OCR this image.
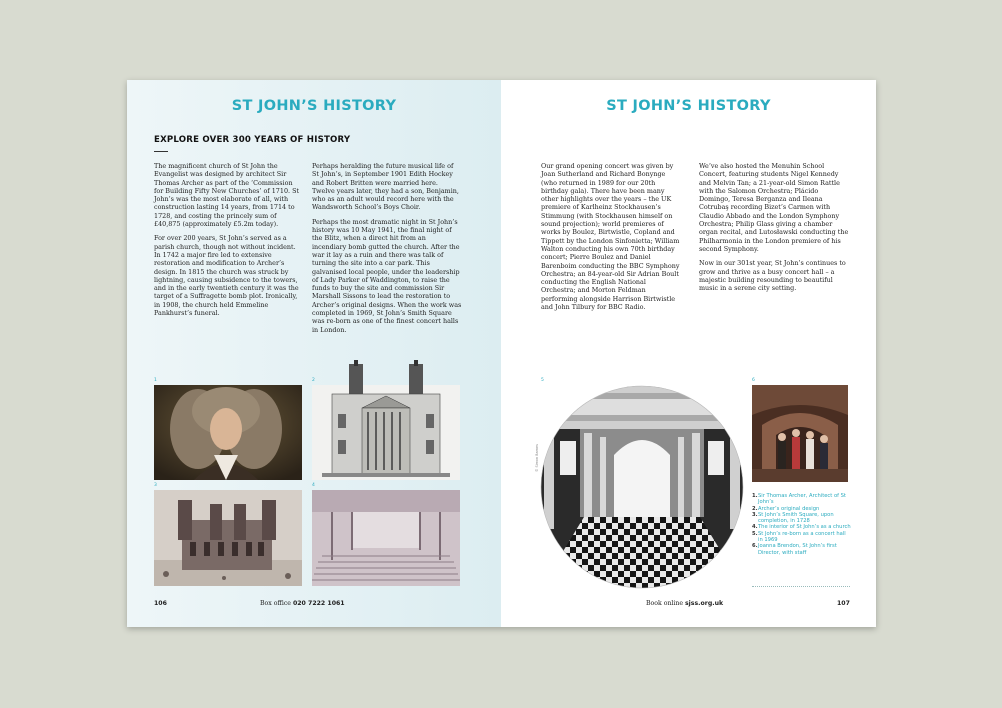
ST JOHN’S HISTORY
EXPLORE OVER 300 YEARS OF HISTORY

The magnificent church of St John the Evangelist was designed by architect Sir Thomas Archer as part of the ‘Commission for Building Fifty New Churches’ of 1710. St John’s was the most elaborate of all, with construction lasting 14 years, from 1714 to 1728, and costing the princely sum of £40,875 (approximately £5.2m today).

For over 200 years, St John’s served as a parish church, though not without incident. In 1742 a major fire led to extensive restoration and modification to Archer’s design. In 1815 the church was struck by lightning, causing subsidence to the towers, and in the early twentieth century it was the target of a Suffragette bomb plot. Ironically, in 1908, the church held Emmeline Pankhurst’s funeral.

Perhaps heralding the future musical life of St John’s, in September 1901 Edith Hockey and Robert Britten were married here. Twelve years later, they had a son, Benjamin, who as an adult would record here with the Wandsworth School’s Boys Choir.

Perhaps the most dramatic night in St John’s history was 10 May 1941, the final night of the Blitz, when a direct hit from an incendiary bomb gutted the church. After the war it lay as a ruin and there was talk of turning the site into a car park. This galvanised local people, under the leadership of Lady Parker of Waddington, to raise the funds to buy the site and commission Sir Marshall Sissons to lead the restoration to Archer’s original designs. When the work was completed in 1969, St John’s Smith Square was re-born as one of the finest concert halls in London.

1	2
3	4
106	Box office 020 7222 1061
ST JOHN’S HISTORY

Our grand opening concert was given by Joan Sutherland and Richard Bonynge (who returned in 1989 for our 20th birthday gala). There have been many other highlights over the years – the UK premiere of Karlheinz Stockhausen’s Stimmung (with Stockhausen himself on sound projection); world premieres of works by Boulez, Birtwistle, Copland and Tippett by the London Sinfonietta; William Walton conducting his own 70th birthday concert; Pierre Boulez and Daniel Barenboim conducting the BBC Symphony Orchestra; an 84-year-old Sir Adrian Boult conducting the English National Orchestra; and Morton Feldman performing alongside Harrison Birtwistle and John Tilbury for BBC Radio.

We’ve also hosted the Menuhin School Concert, featuring students Nigel Kennedy and Melvin Tan; a 21-year-old Simon Rattle with the Salomon Orchestra; Plácido Domingo, Teresa Berganza and Ileana Cotrubaş recording Bizet’s Carmen with Claudio Abbado and the London Symphony Orchestra; Philip Glass giving a chamber organ recital, and Lutosławski conducting the Philharmonia in the London premiere of his second Symphony.

Now in our 301st year, St John’s continues to grow and thrive as a busy concert hall – a majestic building resounding to beautiful music in a serene city setting.

5
© Simon Barnes
6
1. Sir Thomas Archer, Architect of St John’s
2. Archer’s original design
3. St John’s Smith Square, upon completion, in 1728
4. The interior of St John’s as a church
5. St John’s re-born as a concert hall in 1969
6. Joanna Brendon, St John’s first Director, with staff
Book online sjss.org.uk	107
